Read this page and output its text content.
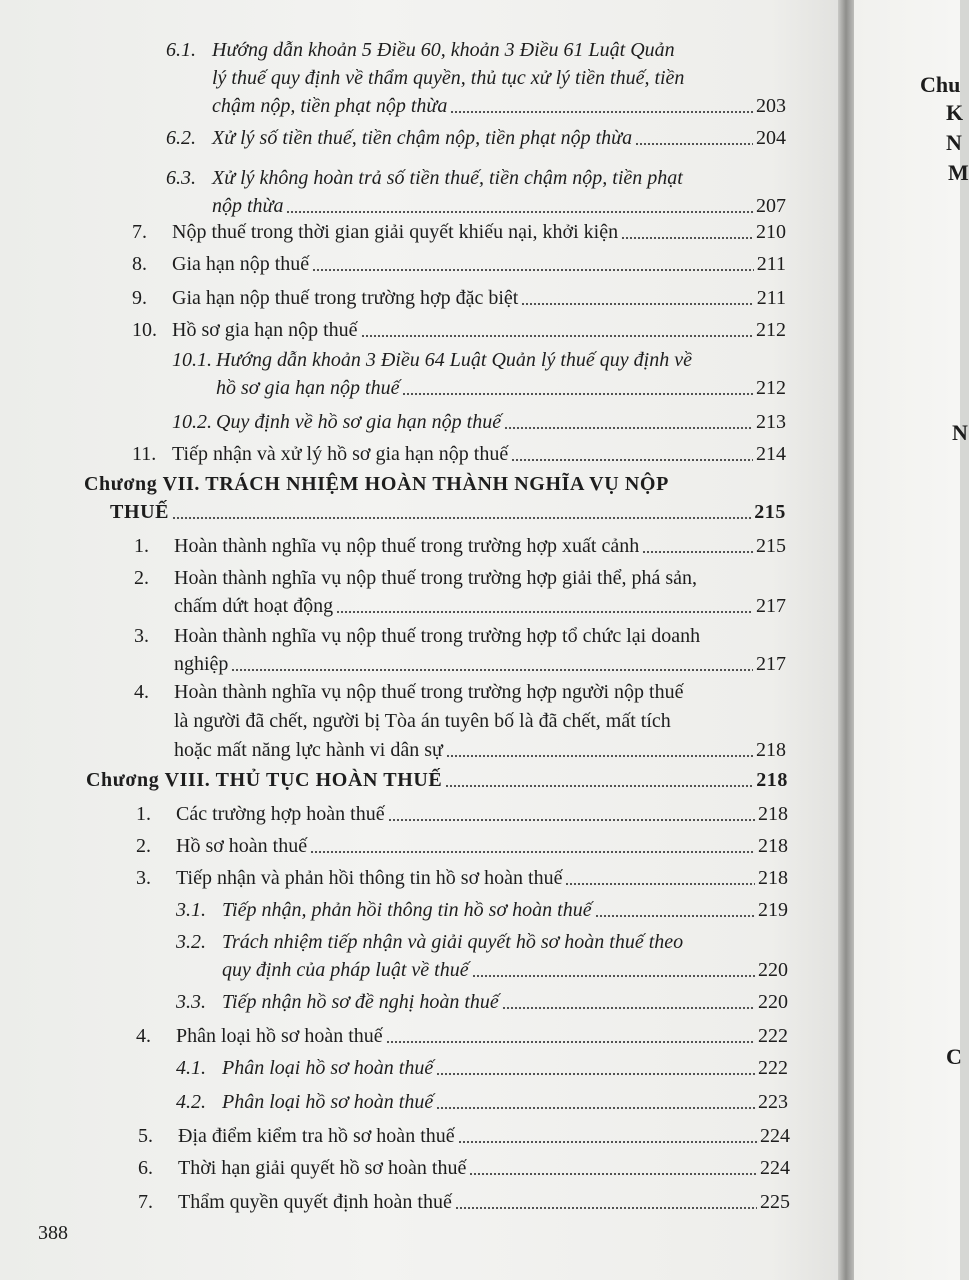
6.1. Hướng dẫn khoản 5 Điều 60, khoản 3 Điều 61 Luật Quản
lý thuế quy định về thẩm quyền, thủ tục xử lý tiền thuế, tiền
chậm nộp, tiền phạt nộp thừa	203
6.2. Xử lý số tiền thuế, tiền chậm nộp, tiền phạt nộp thừa	204
6.3. Xử lý không hoàn trả số tiền thuế, tiền chậm nộp, tiền phạt
nộp thừa	207
7.	Nộp thuế trong thời gian giải quyết khiếu nại, khởi kiện	210
8.	Gia hạn nộp thuế	211
9.	Gia hạn nộp thuế trong trường hợp đặc biệt	211
10. Hồ sơ gia hạn nộp thuế	212
10.1. Hướng dẫn khoản 3 Điều 64 Luật Quản lý thuế quy định về
hồ sơ gia hạn nộp thuế	212
10.2. Quy định về hồ sơ gia hạn nộp thuế	213
11. Tiếp nhận và xử lý hồ sơ gia hạn nộp thuế	214
Chương VII. TRÁCH NHIỆM HOÀN THÀNH NGHĨA VỤ NỘP
THUẾ	215
1.	Hoàn thành nghĩa vụ nộp thuế trong trường hợp xuất cảnh	215
2. Hoàn thành nghĩa vụ nộp thuế trong trường hợp giải thể, phá sản,
chấm dứt hoạt động	217
3. Hoàn thành nghĩa vụ nộp thuế trong trường hợp tổ chức lại doanh
nghiệp	217
4. Hoàn thành nghĩa vụ nộp thuế trong trường hợp người nộp thuế
là người đã chết, người bị Tòa án tuyên bố là đã chết, mất tích
hoặc mất năng lực hành vi dân sự	218
Chương VIII. THỦ TỤC HOÀN THUẾ	218
1.	Các trường hợp hoàn thuế	218
2.	Hồ sơ hoàn thuế	218
3.	Tiếp nhận và phản hồi thông tin hồ sơ hoàn thuế	218
3.1. Tiếp nhận, phản hồi thông tin hồ sơ hoàn thuế	219
3.2. Trách nhiệm tiếp nhận và giải quyết hồ sơ hoàn thuế theo
quy định của pháp luật về thuế	220
3.3. Tiếp nhận hồ sơ đề nghị hoàn thuế	220
4.	Phân loại hồ sơ hoàn thuế	222
4.1. Phân loại hồ sơ hoàn thuế	222
4.2. Phân loại hồ sơ hoàn thuế	223
5.	Địa điểm kiểm tra hồ sơ hoàn thuế	224
6.	Thời hạn giải quyết hồ sơ hoàn thuế	224
7.	Thẩm quyền quyết định hoàn thuế	225
388
Chu
K
N
M
N
C
